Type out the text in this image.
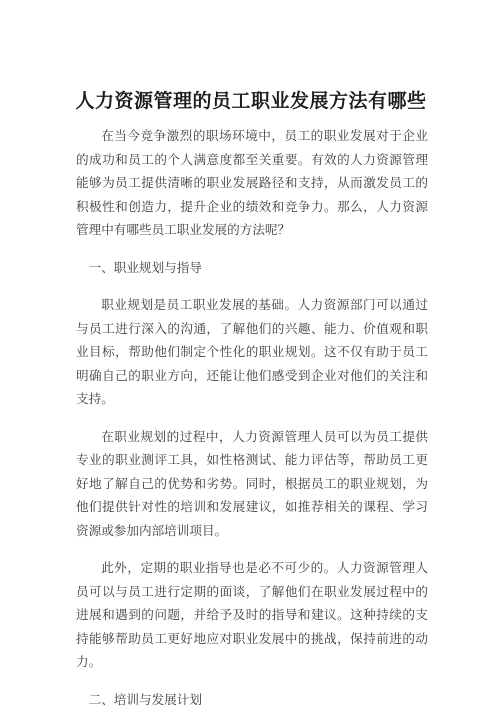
人力资源管理的员工职业发展方法有哪些

在当今竞争激烈的职场环境中，员工的职业发展对于企业的成功和员工的个人满意度都至关重要。有效的人力资源管理能够为员工提供清晰的职业发展路径和支持，从而激发员工的积极性和创造力，提升企业的绩效和竞争力。那么，人力资源管理中有哪些员工职业发展的方法呢？

一、职业规划与指导

职业规划是员工职业发展的基础。人力资源部门可以通过与员工进行深入的沟通，了解他们的兴趣、能力、价值观和职业目标，帮助他们制定个性化的职业规划。这不仅有助于员工明确自己的职业方向，还能让他们感受到企业对他们的关注和支持。

在职业规划的过程中，人力资源管理人员可以为员工提供专业的职业测评工具，如性格测试、能力评估等，帮助员工更好地了解自己的优势和劣势。同时，根据员工的职业规划，为他们提供针对性的培训和发展建议，如推荐相关的课程、学习资源或参加内部培训项目。

此外，定期的职业指导也是必不可少的。人力资源管理人员可以与员工进行定期的面谈，了解他们在职业发展过程中的进展和遇到的问题，并给予及时的指导和建议。这种持续的支持能够帮助员工更好地应对职业发展中的挑战，保持前进的动力。

二、培训与发展计划
